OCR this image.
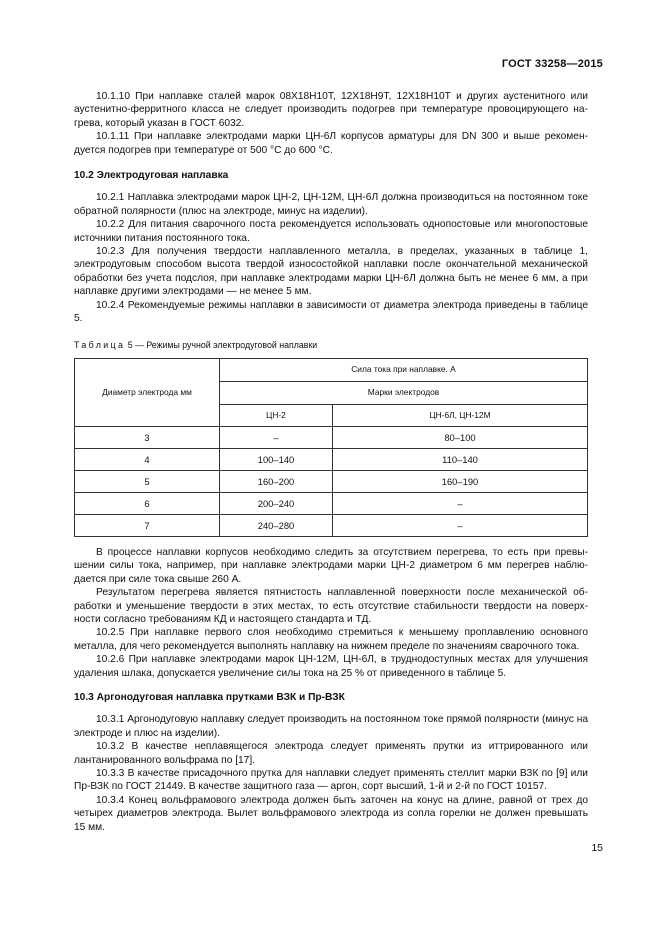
ГОСТ 33258—2015

10.1.10 При наплавке сталей марок 08Х18Н10Т, 12Х18Н9Т, 12Х18Н10Т и других аустенитного или аустенитно-ферритного класса не следует производить подогрев при температуре провоцирующего нагрева, который указан в ГОСТ 6032.

10.1.11 При наплавке электродами марки ЦН-6Л корпусов арматуры для DN 300 и выше рекомендуется подогрев при температуре от 500 °С до 600 °С.

10.2 Электродуговая наплавка

10.2.1 Наплавка электродами марок ЦН-2, ЦН-12М, ЦН-6Л должна производиться на постоянном токе обратной полярности (плюс на электроде, минус на изделии).

10.2.2 Для питания сварочного поста рекомендуется использовать однопостовые или многопостовые источники питания постоянного тока.

10.2.3 Для получения твердости наплавленного металла, в пределах, указанных в таблице 1, электродуговым способом высота твердой износостойкой наплавки после окончательной механической обработки без учета подслоя, при наплавке электродами марки ЦН-6Л должна быть не менее 6 мм, а при наплавке другими электродами — не менее 5 мм.

10.2.4 Рекомендуемые режимы наплавки в зависимости от диаметра электрода приведены в таблице 5.

Таблица 5 — Режимы ручной электродуговой наплавки
Диаметр электрода мм	Сила тока при наплавке. А	
	Марки электродов	
	ЦН-2	ЦН-6Л, ЦН-12М
3	–	80–100
4	100–140	110–140
5	160–200	160–190
6	200–240	–
7	240–280	–

В процессе наплавки корпусов необходимо следить за отсутствием перегрева, то есть при превышении силы тока, например, при наплавке электродами марки ЦН-2 диаметром 6 мм перегрев наблюдается при силе тока свыше 260 А.

Результатом перегрева является пятнистость наплавленной поверхности после механической обработки и уменьшение твердости в этих местах, то есть отсутствие стабильности твердости на поверхности согласно требованиям КД и настоящего стандарта и ТД.

10.2.5 При наплавке первого слоя необходимо стремиться к меньшему проплавлению основного металла, для чего рекомендуется выполнять наплавку на нижнем пределе по значениям сварочного тока.

10.2.6 При наплавке электродами марок ЦН-12М, ЦН-6Л, в труднодоступных местах для улучшения удаления шлака, допускается увеличение силы тока на 25 % от приведенного в таблице 5.

10.3 Аргонодуговая наплавка прутками ВЗК и Пр-ВЗК

10.3.1 Аргонодуговую наплавку следует производить на постоянном токе прямой полярности (минус на электроде и плюс на изделии).

10.3.2 В качестве неплавящегося электрода следует применять прутки из иттрированного или лантанированного вольфрама по [17].

10.3.3 В качестве присадочного прутка для наплавки следует применять стеллит марки ВЗК по [9] или Пр-ВЗК по ГОСТ 21449. В качестве защитного газа — аргон, сорт высший, 1-й и 2-й по ГОСТ 10157.

10.3.4 Конец вольфрамового электрода должен быть заточен на конус на длине, равной от трех до четырех диаметров электрода. Вылет вольфрамового электрода из сопла горелки не должен превышать 15 мм.

15
